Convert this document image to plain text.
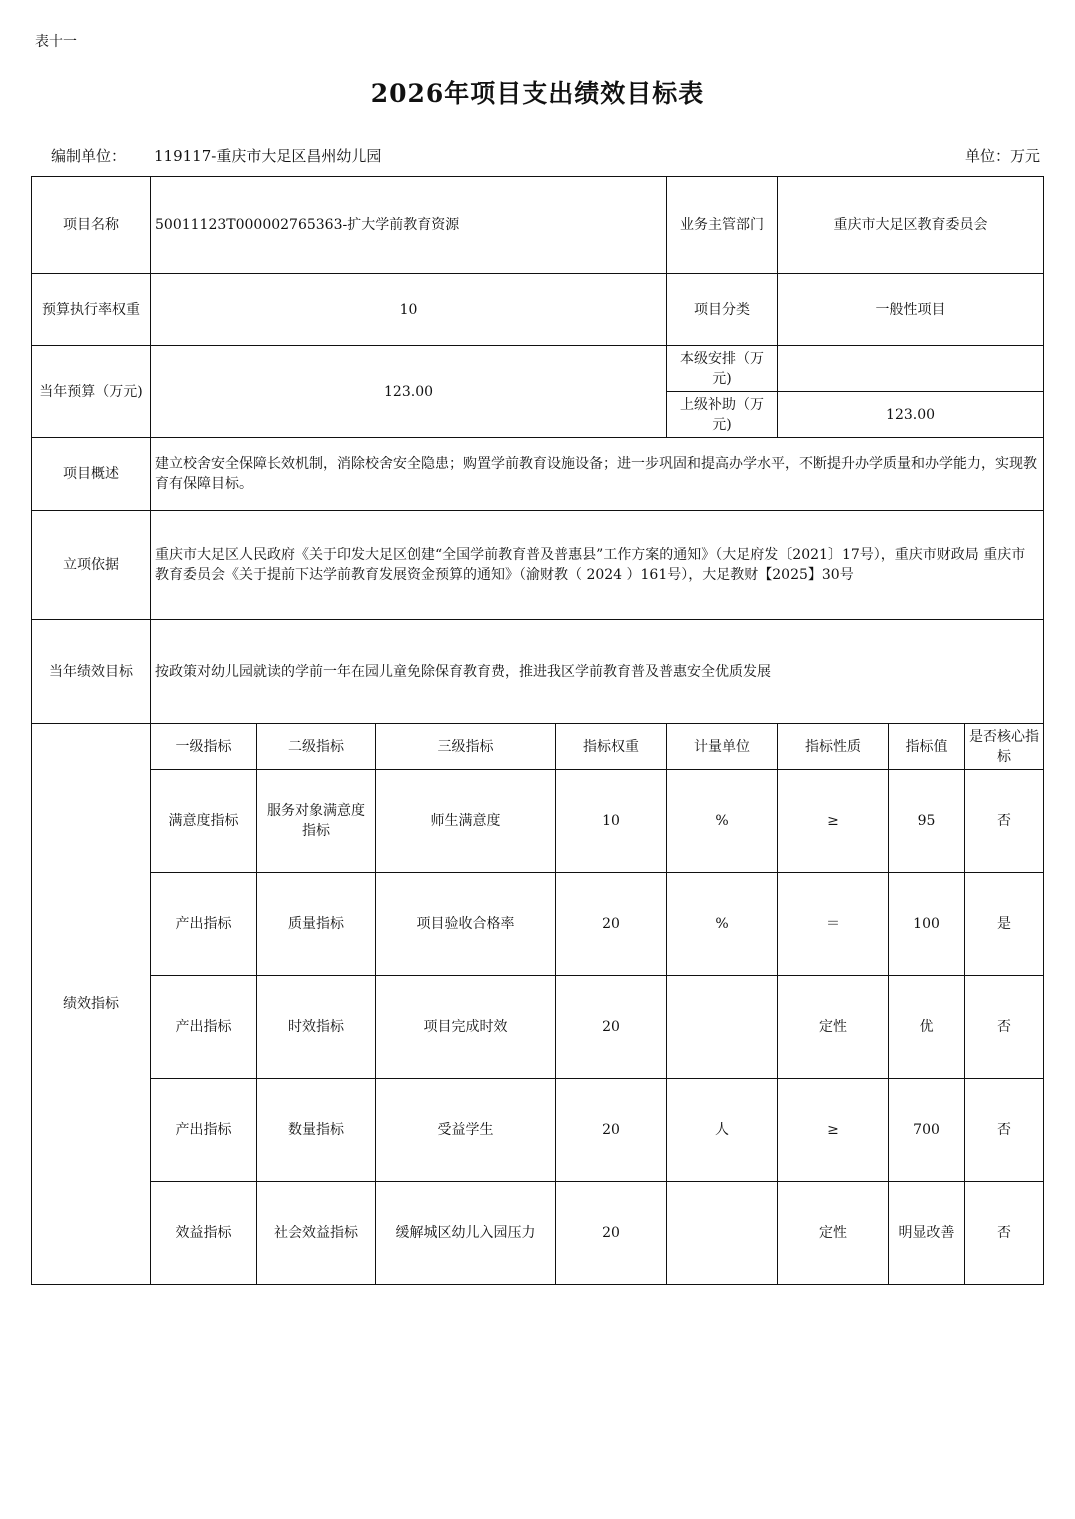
表十一
2026年项目支出绩效目标表
编制单位： 119117-重庆市大足区昌州幼儿园	单位：万元
项目名称	50011123T000002765363-扩大学前教育资源				业务主管部门	重庆市大足区教育委员会		
预算执行率权重	10				项目分类	一般性项目		
当年预算（万元)	123.00				本级安排（万元)			
					上级补助（万元)	123.00		
项目概述	建立校舍安全保障长效机制，消除校舍安全隐患；购置学前教育设施设备；进一步巩固和提高办学水平，不断提升办学质量和办学能力，实现教育有保障目标。							
立项依据	重庆市大足区人民政府《关于印发大足区创建“全国学前教育普及普惠县”工作方案的通知》（大足府发〔2021〕17号），重庆市财政局 重庆市教育委员会《关于提前下达学前教育发展资金预算的通知》（渝财教（ 2024 ）161号），大足教财【2025】30号							
当年绩效目标	按政策对幼儿园就读的学前一年在园儿童免除保育教育费，推进我区学前教育普及普惠安全优质发展							
绩效指标	一级指标	二级指标	三级指标	指标权重	计量单位	指标性质	指标值	是否核心指标
	满意度指标	服务对象满意度指标	师生满意度	10	%	≥	95	否
	产出指标	质量指标	项目验收合格率	20	%	＝	100	是
	产出指标	时效指标	项目完成时效	20		定性	优	否
	产出指标	数量指标	受益学生	20	人	≥	700	否
	效益指标	社会效益指标	缓解城区幼儿入园压力	20		定性	明显改善	否
